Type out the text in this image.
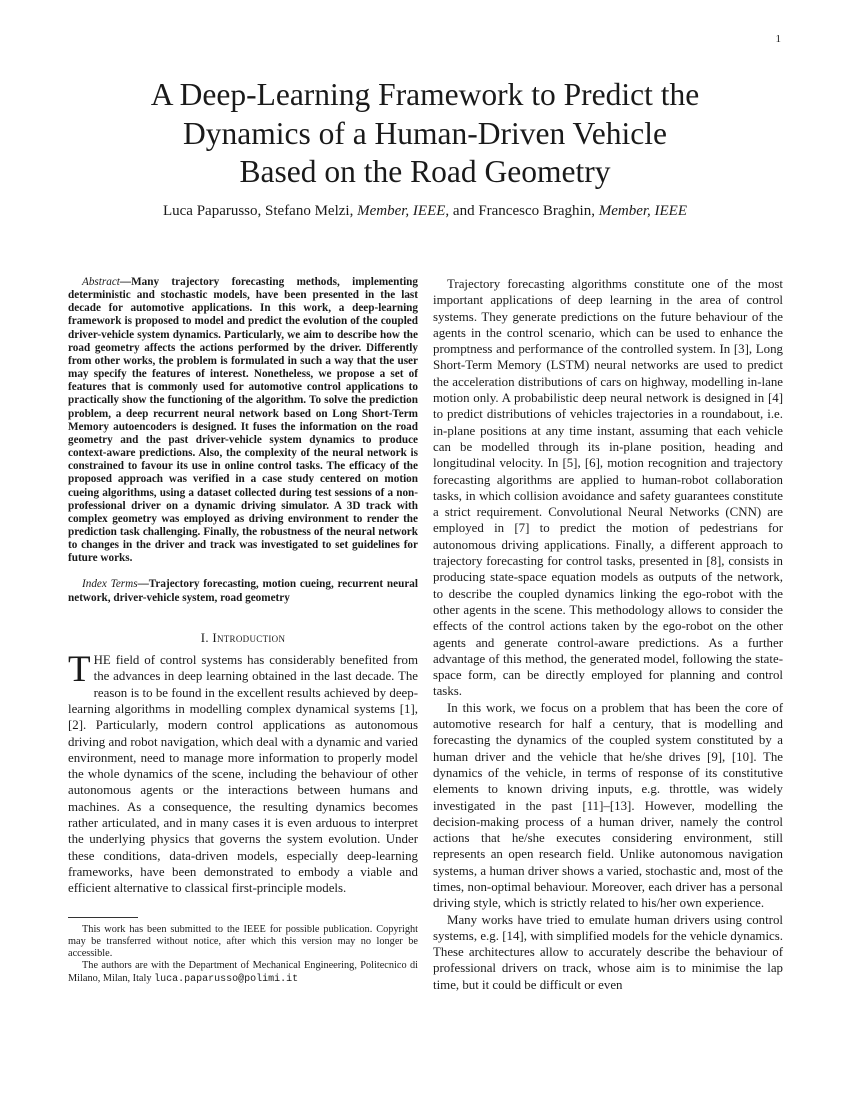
1
A Deep-Learning Framework to Predict the
Dynamics of a Human-Driven Vehicle
Based on the Road Geometry
Luca Paparusso, Stefano Melzi, Member, IEEE, and Francesco Braghin, Member, IEEE

Abstract—Many trajectory forecasting methods, implementing deterministic and stochastic models, have been presented in the last decade for automotive applications. In this work, a deep-learning framework is proposed to model and predict the evolution of the coupled driver-vehicle system dynamics. Particularly, we aim to describe how the road geometry affects the actions performed by the driver. Differently from other works, the problem is formulated in such a way that the user may specify the features of interest. Nonetheless, we propose a set of features that is commonly used for automotive control applications to practically show the functioning of the algorithm. To solve the prediction problem, a deep recurrent neural network based on Long Short-Term Memory autoencoders is designed. It fuses the information on the road geometry and the past driver-vehicle system dynamics to produce context-aware predictions. Also, the complexity of the neural network is constrained to favour its use in online control tasks. The efficacy of the proposed approach was verified in a case study centered on motion cueing algorithms, using a dataset collected during test sessions of a non-professional driver on a dynamic driving simulator. A 3D track with complex geometry was employed as driving environment to render the prediction task challenging. Finally, the robustness of the neural network to changes in the driver and track was investigated to set guidelines for future works.

Index Terms—Trajectory forecasting, motion cueing, recurrent neural network, driver-vehicle system, road geometry

I. Introduction

THE field of control systems has considerably benefited from the advances in deep learning obtained in the last decade. The reason is to be found in the excellent results achieved by deep-learning algorithms in modelling complex dynamical systems [1], [2]. Particularly, modern control applications as autonomous driving and robot navigation, which deal with a dynamic and varied environment, need to manage more information to properly model the whole dynamics of the scene, including the behaviour of other autonomous agents or the interactions between humans and machines. As a consequence, the resulting dynamics becomes rather articulated, and in many cases it is even arduous to interpret the underlying physics that governs the system evolution. Under these conditions, data-driven models, especially deep-learning frameworks, have been demonstrated to embody a viable and efficient alternative to classical first-principle models.

This work has been submitted to the IEEE for possible publication. Copyright may be transferred without notice, after which this version may no longer be accessible.

The authors are with the Department of Mechanical Engineering, Politecnico di Milano, Milan, Italy luca.paparusso@polimi.it

Trajectory forecasting algorithms constitute one of the most important applications of deep learning in the area of control systems. They generate predictions on the future behaviour of the agents in the control scenario, which can be used to enhance the promptness and performance of the controlled system. In [3], Long Short-Term Memory (LSTM) neural networks are used to predict the acceleration distributions of cars on highway, modelling in-lane motion only. A probabilistic deep neural network is designed in [4] to predict distributions of vehicles trajectories in a roundabout, i.e. in-plane positions at any time instant, assuming that each vehicle can be modelled through its in-plane position, heading and longitudinal velocity. In [5], [6], motion recognition and trajectory forecasting algorithms are applied to human-robot collaboration tasks, in which collision avoidance and safety guarantees constitute a strict requirement. Convolutional Neural Networks (CNN) are employed in [7] to predict the motion of pedestrians for autonomous driving applications. Finally, a different approach to trajectory forecasting for control tasks, presented in [8], consists in producing state-space equation models as outputs of the network, to describe the coupled dynamics linking the ego-robot with the other agents in the scene. This methodology allows to consider the effects of the control actions taken by the ego-robot on the other agents and generate control-aware predictions. As a further advantage of this method, the generated model, following the state-space form, can be directly employed for planning and control tasks.

In this work, we focus on a problem that has been the core of automotive research for half a century, that is modelling and forecasting the dynamics of the coupled system constituted by a human driver and the vehicle that he/she drives [9], [10]. The dynamics of the vehicle, in terms of response of its constitutive elements to known driving inputs, e.g. throttle, was widely investigated in the past [11]–[13]. However, modelling the decision-making process of a human driver, namely the control actions that he/she executes considering environment, still represents an open research field. Unlike autonomous navigation systems, a human driver shows a varied, stochastic and, most of the times, non-optimal behaviour. Moreover, each driver has a personal driving style, which is strictly related to his/her own experience.

Many works have tried to emulate human drivers using control systems, e.g. [14], with simplified models for the vehicle dynamics. These architectures allow to accurately describe the behaviour of professional drivers on track, whose aim is to minimise the lap time, but it could be difficult or even
